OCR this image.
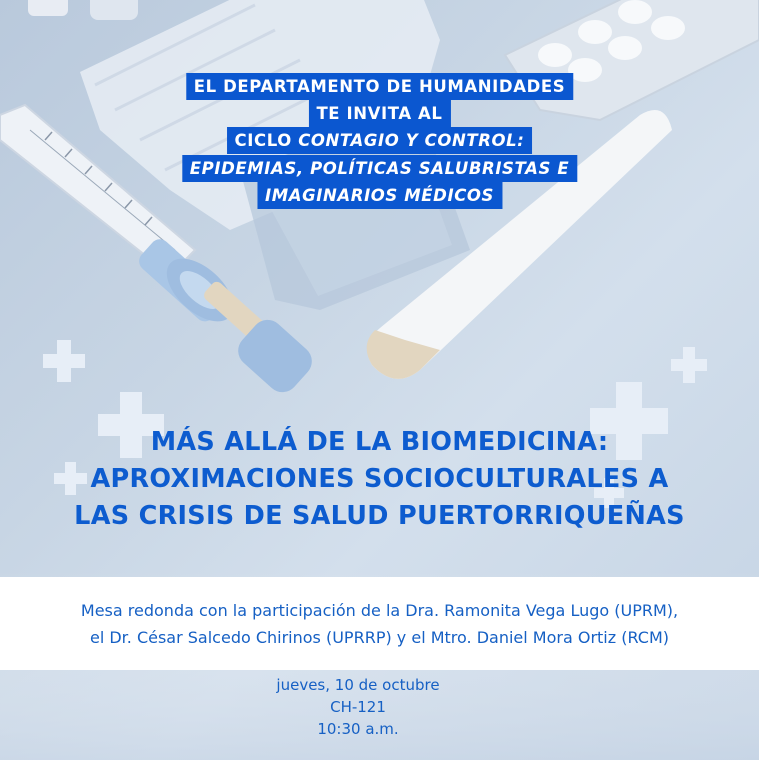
EL DEPARTAMENTO DE HUMANIDADES
TE INVITA AL
CICLO CONTAGIO Y CONTROL:
EPIDEMIAS, POLÍTICAS SALUBRISTAS E
IMAGINARIOS MÉDICOS
MÁS ALLÁ DE LA BIOMEDICINA:
APROXIMACIONES SOCIOCULTURALES A
LAS CRISIS DE SALUD PUERTORRIQUEÑAS

Mesa redonda con la participación de la Dra. Ramonita Vega Lugo (UPRM),
el Dr. César Salcedo Chirinos (UPRRP) y el Mtro. Daniel Mora Ortiz (RCM)

jueves, 10 de octubre
CH-121
10:30 a.m.
